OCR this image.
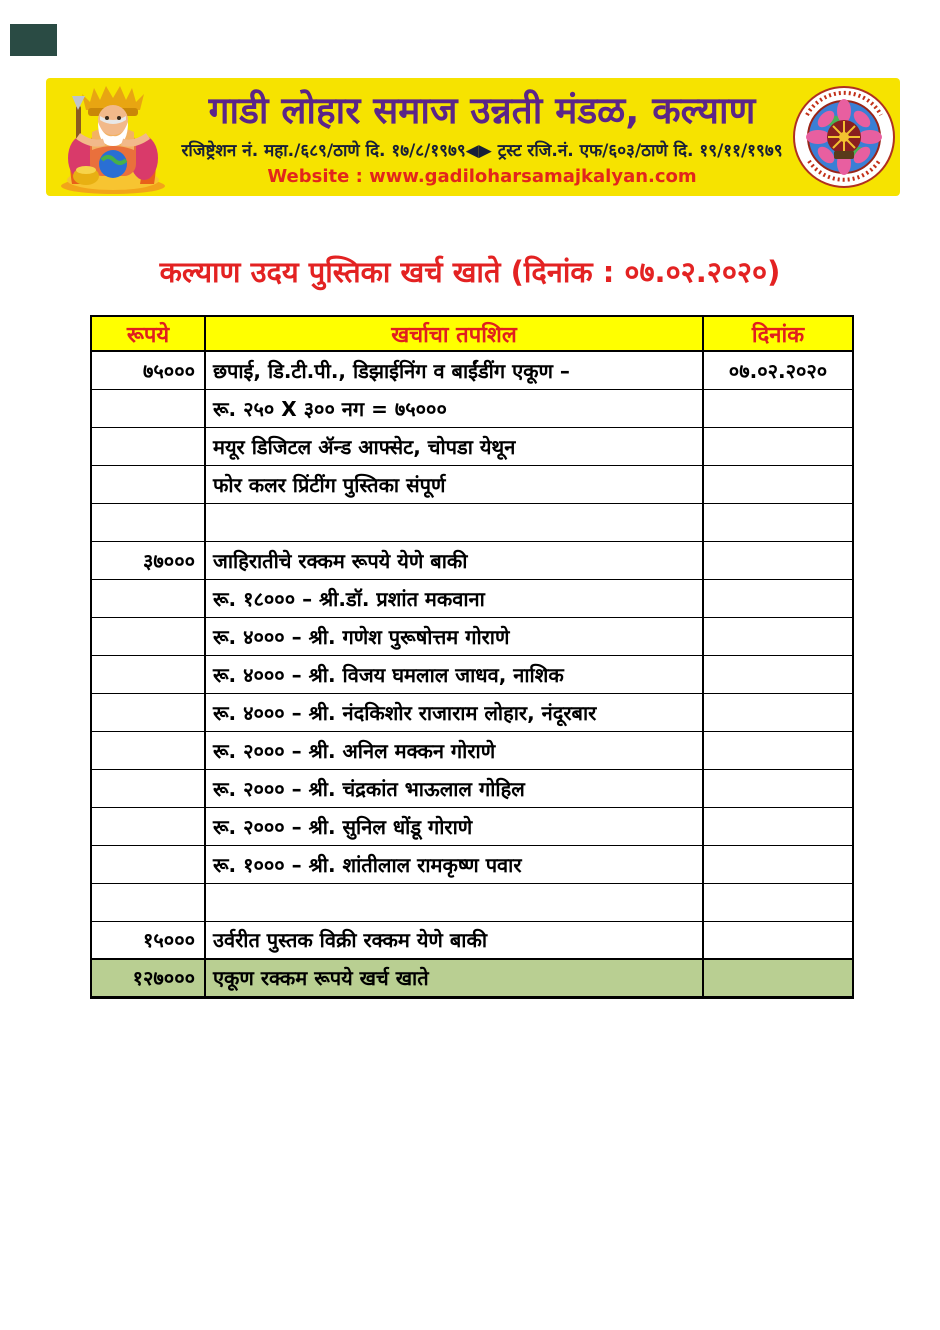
गाडी लोहार समाज उन्नती मंडळ, कल्याण
रजिष्ट्रेशन नं. महा./६८९/ठाणे दि. १७/८/१९७९◀▶ ट्रस्ट रजि.नं. एफ/६०३/ठाणे दि. १९/११/१९७९
Website : www.gadiloharsamajkalyan.com
कल्याण उदय पुस्तिका खर्च खाते (दिनांक : ०७.०२.२०२०)
रूपये	खर्चाचा तपशिल	दिनांक
७५०००	छपाई, डि.टी.पी., डिझाईनिंग व बाईंडींग एकूण –	०७.०२.२०२०
	रू. २५० X ३०० नग = ७५०००	
	मयूर डिजिटल ॲन्ड आफ्सेट, चोपडा येथून	
	फोर कलर प्रिंटींग पुस्तिका संपूर्ण	

३७०००	जाहिरातीचे रक्कम रूपये येणे बाकी	
	रू. १८००० – श्री.डॉ. प्रशांत मकवाना	
	रू. ४००० – श्री. गणेश पुरूषोत्तम गोराणे	
	रू. ४००० – श्री. विजय घमलाल जाधव, नाशिक	
	रू. ४००० – श्री. नंदकिशोर राजाराम लोहार, नंदूरबार	
	रू. २००० – श्री. अनिल मक्कन गोराणे	
	रू. २००० – श्री. चंद्रकांत भाऊलाल गोहिल	
	रू. २००० – श्री. सुनिल धोंडू गोराणे	
	रू. १००० – श्री. शांतीलाल रामकृष्ण पवार	

१५०००	उर्वरीत पुस्तक विक्री रक्कम येणे बाकी	
१२७०००	एकूण रक्कम रूपये खर्च खाते	
